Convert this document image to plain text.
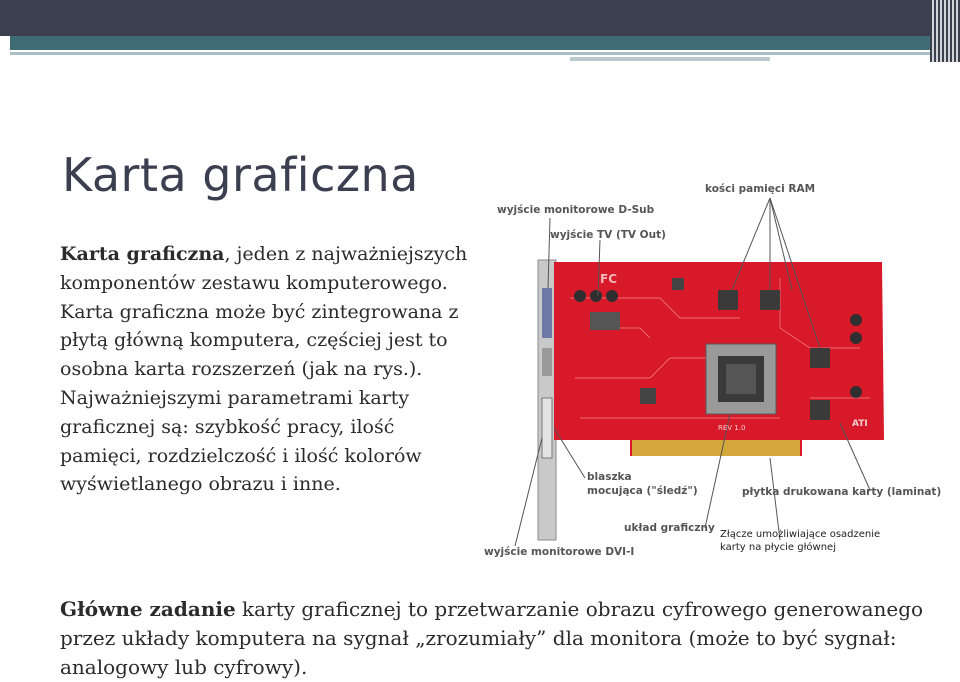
Karta graficzna
Karta graficzna, jeden z najważniejszych komponentów zestawu komputerowego. Karta graficzna może być zintegrowana z płytą główną komputera, częściej jest to osobna karta rozszerzeń (jak na rys.). Najważniejszymi parametrami karty graficznej są: szybkość pracy, ilość pamięci, rozdzielczość i ilość kolorów wyświetlanego obrazu i inne.
FC
ATI
REV 1.0
kości pamięci RAM
wyjście monitorowe D-Sub
wyjście TV (TV Out)
blaszka
mocująca ("śledź")	płytka drukowana karty (laminat)
układ graficzny
wyjście monitorowe DVI-I
Złącze umożliwiające osadzenie karty na płycie głównej
Główne zadanie karty graficznej to przetwarzanie obrazu cyfrowego generowanego przez układy komputera na sygnał „zrozumiały” dla monitora (może to być sygnał: analogowy lub cyfrowy).
